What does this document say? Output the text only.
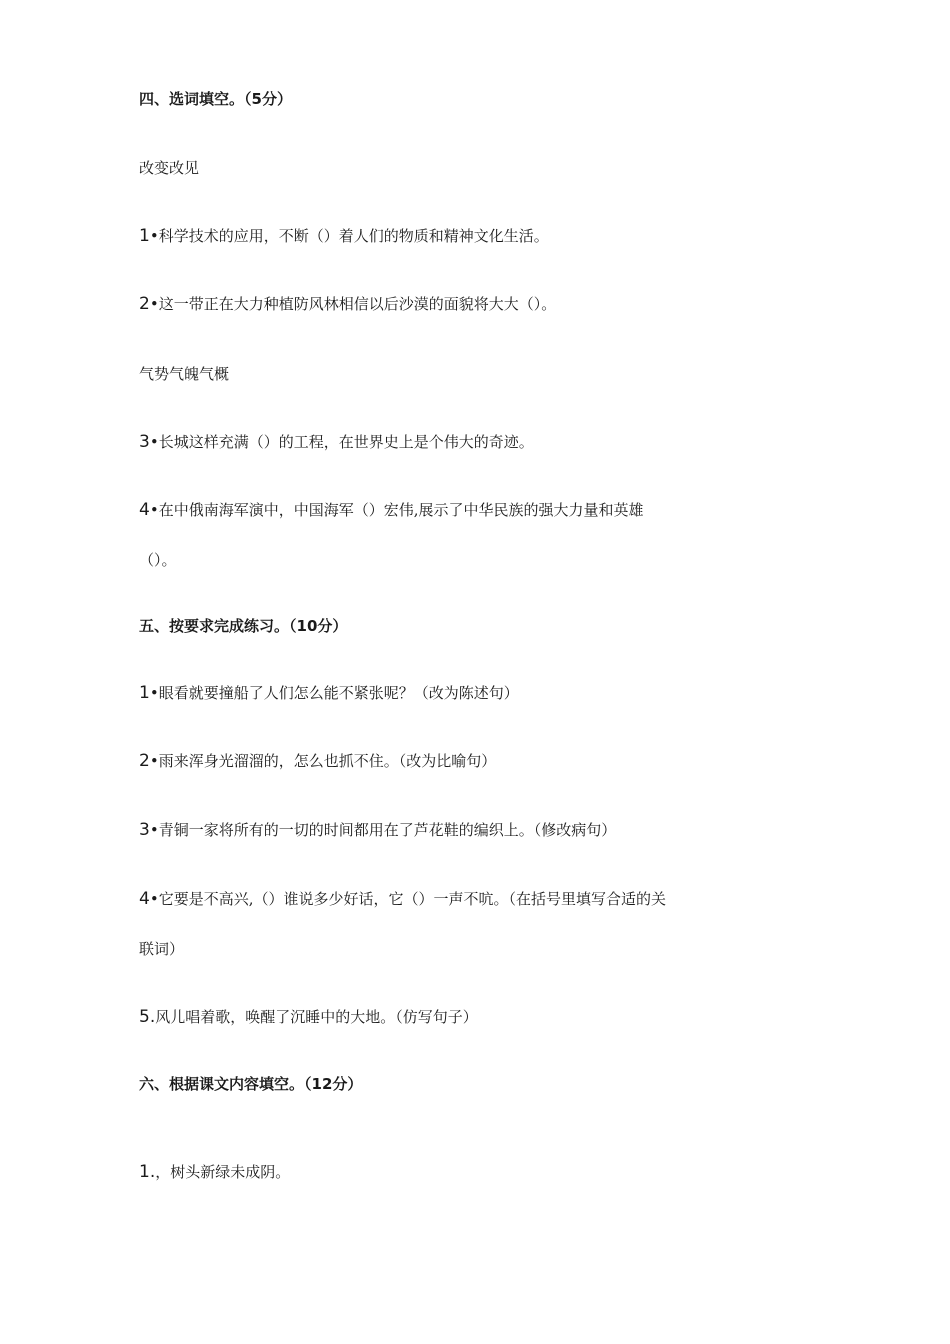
四、选词填空。（5分）
改变改见
1•科学技术的应用，不断（）着人们的物质和精神文化生活。
2•这一带正在大力种植防风林相信以后沙漠的面貌将大大（）。
气势气魄气概
3•长城这样充满（）的工程，在世界史上是个伟大的奇迹。
4•在中俄南海军演中，中国海军（）宏伟,展示了中华民族的强大力量和英雄
（）。
五、按要求完成练习。（10分）
1•眼看就要撞船了人们怎么能不紧张呢？（改为陈述句）
2•雨来浑身光溜溜的，怎么也抓不住。（改为比喻句）
3•青铜一家将所有的一切的时间都用在了芦花鞋的编织上。（修改病句）
4•它要是不高兴,（）谁说多少好话，它（）一声不吭。（在括号里填写合适的关
联词）
5.风儿唱着歌，唤醒了沉睡中的大地。（仿写句子）
六、根据课文内容填空。（12分）
1.，树头新绿未成阴。
